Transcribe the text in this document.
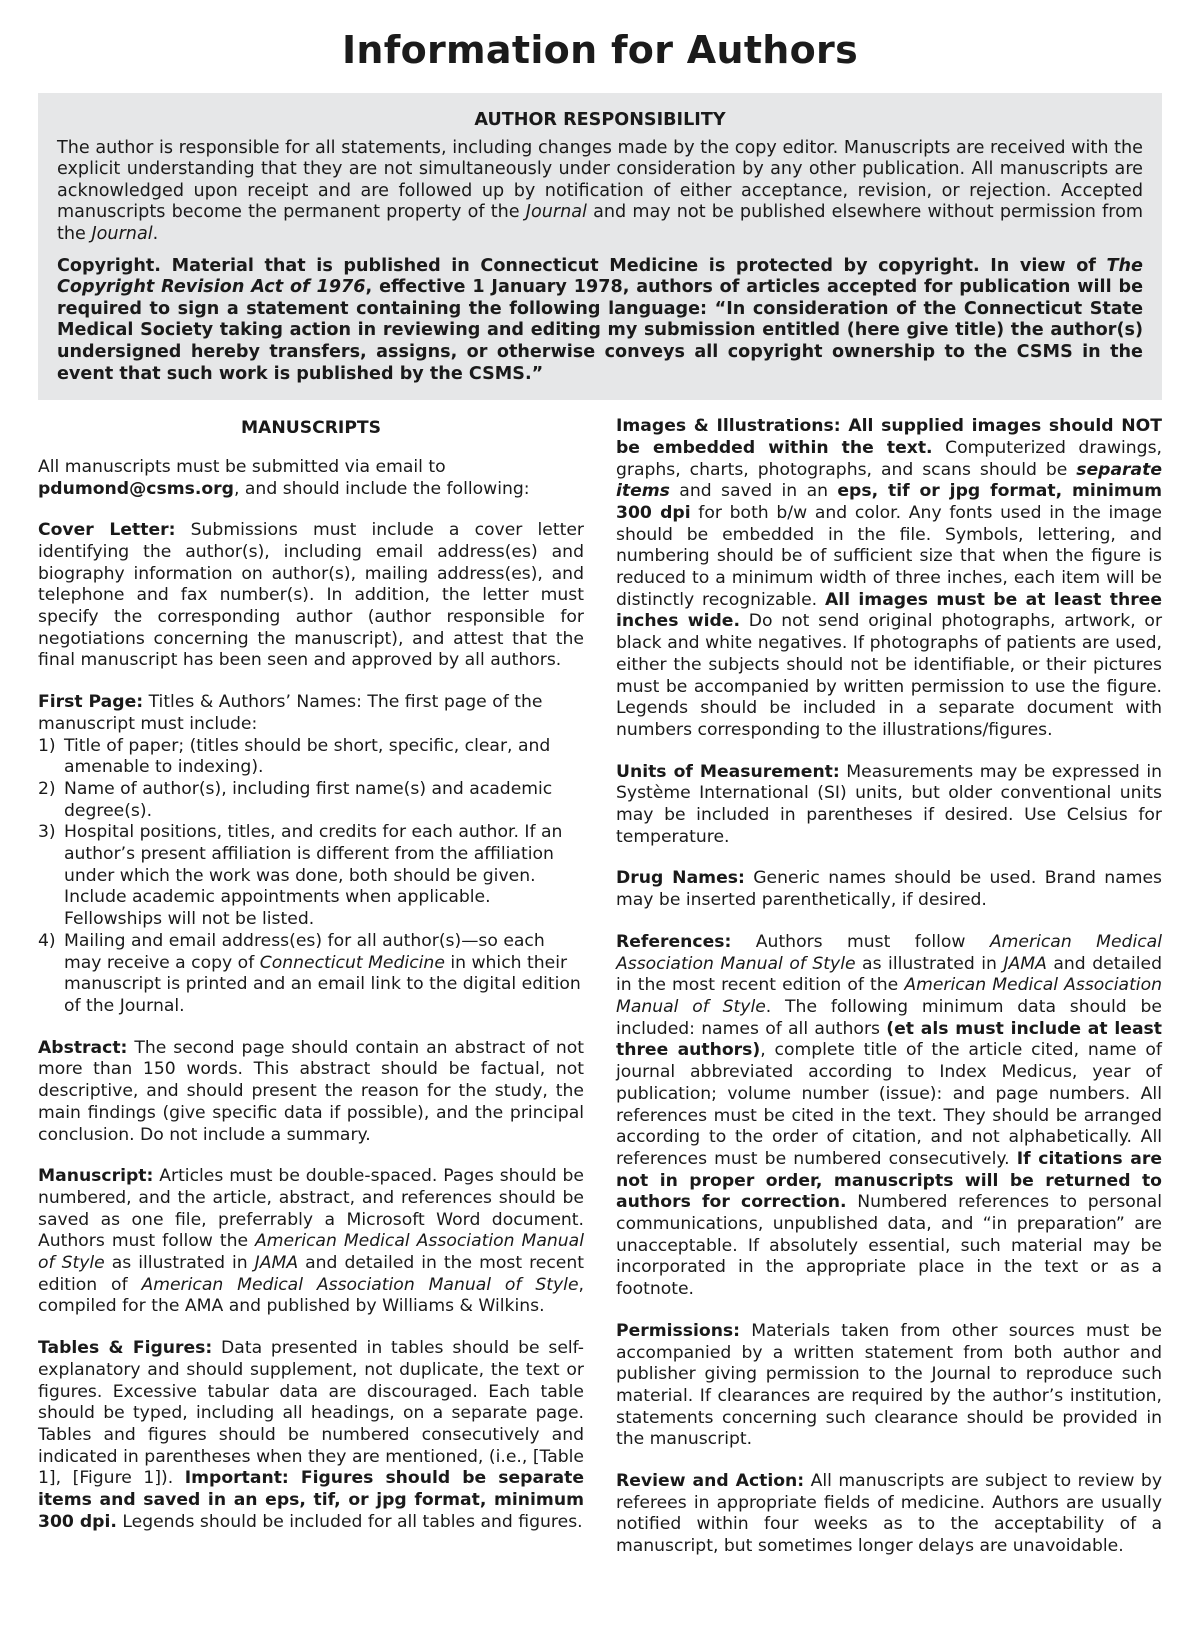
Information for Authors
AUTHOR RESPONSIBILITY

The author is responsible for all statements, including changes made by the copy editor. Manuscripts are received with the explicit understanding that they are not simultaneously under consideration by any other publication. All manuscripts are acknowledged upon receipt and are followed up by notification of either acceptance, revision, or rejection. Accepted manuscripts become the permanent property of the Journal and may not be published elsewhere without permission from the Journal.

Copyright. Material that is published in Connecticut Medicine is protected by copyright. In view of The Copyright Revision Act of 1976, effective 1 January 1978, authors of articles accepted for publication will be required to sign a statement containing the following language: “In consideration of the Connecticut State Medical Society taking action in reviewing and editing my submission entitled (here give title) the author(s) undersigned hereby transfers, assigns, or otherwise conveys all copyright ownership to the CSMS in the event that such work is published by the CSMS.”

MANUSCRIPTS

All manuscripts must be submitted via email to
pdumond@csms.org, and should include the following:

Cover Letter: Submissions must include a cover letter identifying the author(s), including email address(es) and biography information on author(s), mailing address(es), and telephone and fax number(s). In addition, the letter must specify the corresponding author (author responsible for negotiations concerning the manuscript), and attest that the final manuscript has been seen and approved by all authors.

First Page: Titles & Authors’ Names: The first page of the manuscript must include:

1) Title of paper; (titles should be short, specific, clear, and amenable to indexing).
2) Name of author(s), including first name(s) and academic degree(s).
3) Hospital positions, titles, and credits for each author. If an author’s present affiliation is different from the affiliation under which the work was done, both should be given. Include academic appointments when applicable. Fellowships will not be listed.
4) Mailing and email address(es) for all author(s)—so each may receive a copy of Connecticut Medicine in which their manuscript is printed and an email link to the digital edition of the Journal.

Abstract: The second page should contain an abstract of not more than 150 words. This abstract should be factual, not descriptive, and should present the reason for the study, the main findings (give specific data if possible), and the principal conclusion. Do not include a summary.

Manuscript: Articles must be double-spaced. Pages should be numbered, and the article, abstract, and references should be saved as one file, preferrably a Microsoft Word document. Authors must follow the American Medical Association Manual of Style as illustrated in JAMA and detailed in the most recent edition of American Medical Association Manual of Style, compiled for the AMA and published by Williams & Wilkins.

Tables & Figures: Data presented in tables should be self-explanatory and should supplement, not duplicate, the text or figures. Excessive tabular data are discouraged. Each table should be typed, including all headings, on a separate page. Tables and figures should be numbered consecutively and indicated in parentheses when they are mentioned, (i.e., [Table 1], [Figure 1]). Important: Figures should be separate items and saved in an eps, tif, or jpg format, minimum 300 dpi. Legends should be included for all tables and figures.

Images & Illustrations: All supplied images should NOT be embedded within the text. Computerized drawings, graphs, charts, photographs, and scans should be separate items and saved in an eps, tif or jpg format, minimum 300 dpi for both b/w and color. Any fonts used in the image should be embedded in the file. Symbols, lettering, and numbering should be of sufficient size that when the figure is reduced to a minimum width of three inches, each item will be distinctly recognizable. All images must be at least three inches wide. Do not send original photographs, artwork, or black and white negatives. If photographs of patients are used, either the subjects should not be identifiable, or their pictures must be accompanied by written permission to use the figure. Legends should be included in a separate document with numbers corresponding to the illustrations/figures.

Units of Measurement: Measurements may be expressed in Système International (SI) units, but older conventional units may be included in parentheses if desired. Use Celsius for temperature.

Drug Names: Generic names should be used. Brand names may be inserted parenthetically, if desired.

References: Authors must follow American Medical Association Manual of Style as illustrated in JAMA and detailed in the most recent edition of the American Medical Association Manual of Style. The following minimum data should be included: names of all authors (et als must include at least three authors), complete title of the article cited, name of journal abbreviated according to Index Medicus, year of publication; volume number (issue): and page numbers. All references must be cited in the text. They should be arranged according to the order of citation, and not alphabetically. All references must be numbered consecutively. If citations are not in proper order, manuscripts will be returned to authors for correction. Numbered references to personal communications, unpublished data, and “in preparation” are unacceptable. If absolutely essential, such material may be incorporated in the appropriate place in the text or as a footnote.

Permissions: Materials taken from other sources must be accompanied by a written statement from both author and publisher giving permission to the Journal to reproduce such material. If clearances are required by the author’s institution, statements concerning such clearance should be provided in the manuscript.

Review and Action: All manuscripts are subject to review by referees in appropriate fields of medicine. Authors are usually notified within four weeks as to the acceptability of a manuscript, but sometimes longer delays are unavoidable.
